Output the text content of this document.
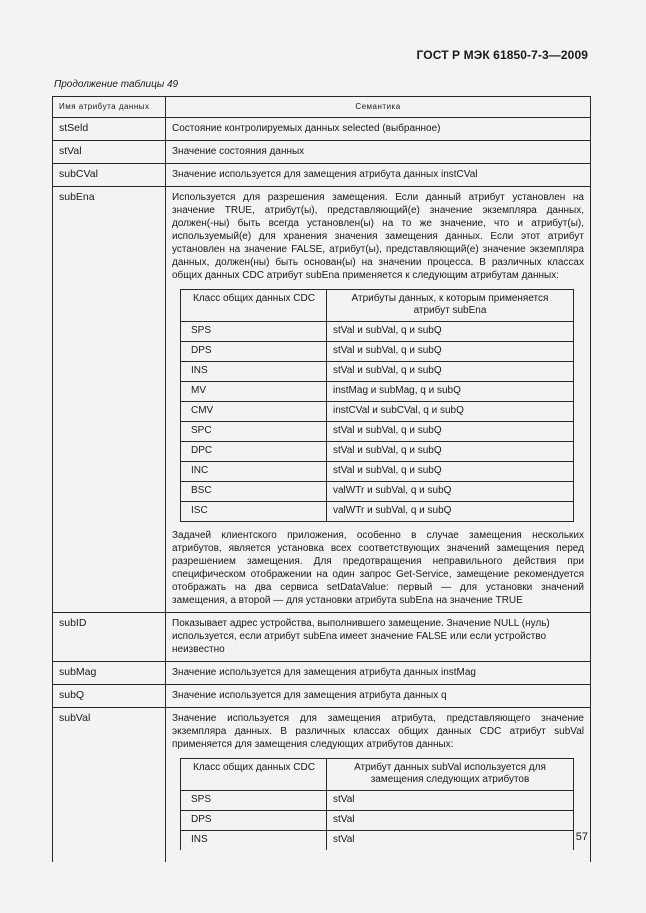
ГОСТ Р МЭК 61850-7-3—2009
Продолжение таблицы 49
Имя атрибута данных	Семантика
stSeld	Состояние контролируемых данных selected (выбранное)
stVal	Значение состояния данных
subCVal	Значение используется для замещения атрибута данных instCVal
subEna	Используется для разрешения замещения. Если данный атрибут установлен на значение TRUE, атрибут(ы), представляющий(е) значение экземпляра данных, должен(-ны) быть всегда установлен(ы) на то же значение, что и атрибут(ы), используемый(е) для хранения значения замещения данных. Если этот атрибут установлен на значение FALSE, атрибут(ы), представляющий(е) значение экземпляра данных, должен(ны) быть основан(ы) на значении процесса. В различных классах общих данных CDC атрибут subEna применяется к следующим атрибутам данных:
Класс общих данных CDC	Атрибуты данных, к которым применяется атрибут subEna
SPS	stVal и subVal, q и subQ
DPS	stVal и subVal, q и subQ
INS	stVal и subVal, q и subQ
MV	instMag и subMag, q и subQ
CMV	instCVal и subCVal, q и subQ
SPC	stVal и subVal, q и subQ
DPC	stVal и subVal, q и subQ
INC	stVal и subVal, q и subQ
BSC	valWTr и subVal, q и subQ
ISC	valWTr и subVal, q и subQ
Задачей клиентского приложения, особенно в случае замещения нескольких атрибутов, является установка всех соответствующих значений замещения перед разрешением замещения. Для предотвращения неправильного действия при специфическом отображении на один запрос Get-Service, замещение рекомендуется отображать на два сервиса setDataValue: первый — для установки значений замещения, а второй — для установки атрибута subEna на значение TRUE

subID	Показывает адрес устройства, выполнившего замещение. Значение NULL (нуль) используется, если атрибут subEna имеет значение FALSE или если устройство неизвестно
subMag	Значение используется для замещения атрибута данных instMag
subQ	Значение используется для замещения атрибута данных q
subVal	Значение используется для замещения атрибута, представляющего значение экземпляра данных. В различных классах общих данных CDC атрибут subVal применяется для замещения следующих атрибутов данных:
Класс общих данных CDC	Атрибут данных subVal используется для замещения следующих атрибутов
SPS	stVal
DPS	stVal
INS	stVal	57
